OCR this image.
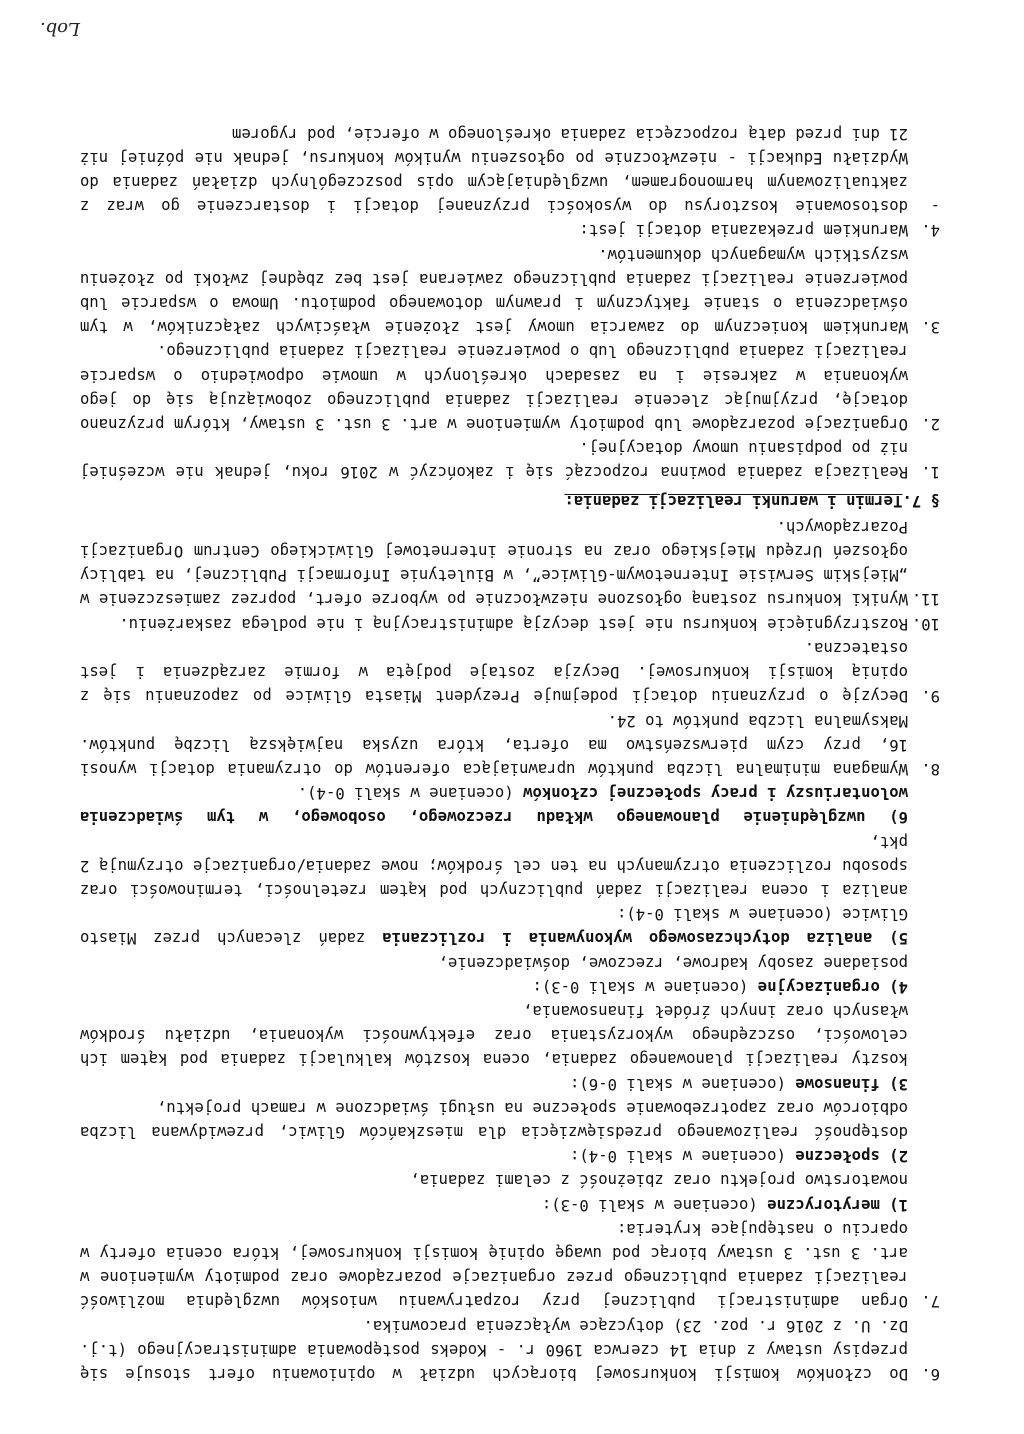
6.

Do członków komisji konkursowej biorących udział w opiniowaniu ofert stosuje się przepisy ustawy z dnia 14 czerwca 1960 r. - Kodeks postępowania administracyjnego (t.j. Dz. U. z 2016 r. poz. 23) dotyczące wyłączenia pracownika.

7.

Organ administracji publicznej przy rozpatrywaniu wniosków uwzględnia możliwość realizacji zadania publicznego przez organizacje pozarządowe oraz podmioty wymienione w art. 3 ust. 3 ustawy biorąc pod uwagę opinię komisji konkursowej, która ocenia oferty w oparciu o następujące kryteria:

1) merytoryczne (oceniane w skali 0-3):

nowatorstwo projektu oraz zbieżność z celami zadania,

2) społeczne (oceniane w skali 0-4):

dostępność realizowanego przedsięwzięcia dla mieszkańców Gliwic, przewidywana liczba odbiorców oraz zapotrzebowanie społeczne na usługi świadczone w ramach projektu,

3) finansowe (oceniane w skali 0-6):

koszty realizacji planowanego zadania, ocena kosztów kalkulacji zadania pod kątem ich celowości, oszczędnego wykorzystania oraz efektywności wykonania, udziału środków własnych oraz innych źródeł finansowania,

4) organizacyjne (oceniane w skali 0-3):

posiadane zasoby kadrowe, rzeczowe, doświadczenie,

5) analiza dotychczasowego wykonywania i rozliczania zadań zlecanych przez Miasto Gliwice (oceniane w skali 0-4):

analiza i ocena realizacji zadań publicznych pod kątem rzetelności, terminowości oraz sposobu rozliczenia otrzymanych na ten cel środków; nowe zadania/organizacje otrzymują 2 pkt,

6) uwzględnienie planowanego wkładu rzeczowego, osobowego, w tym świadczenia wolontariuszy i pracy społecznej członków (oceniane w skali 0-4).
8.

Wymagana minimalna liczba punktów uprawniająca oferentów do otrzymania dotacji wynosi 16, przy czym pierwszeństwo ma oferta, która uzyska największą liczbę punktów. Maksymalna liczba punktów to 24.

9.

Decyzję o przyznaniu dotacji podejmuje Prezydent Miasta Gliwice po zapoznaniu się z opinią komisji konkursowej. Decyzja zostaje podjęta w formie zarządzenia i jest ostateczna.

10.

Rozstrzygnięcie konkursu nie jest decyzją administracyjną i nie podlega zaskarżeniu.

11.

Wyniki konkursu zostaną ogłoszone niezwłocznie po wyborze ofert, poprzez zamieszczenie w „Miejskim Serwisie Internetowym-Gliwice”, w Biuletynie Informacji Publicznej, na tablicy ogłoszeń Urzędu Miejskiego oraz na stronie internetowej Gliwickiego Centrum Organizacji Pozarządowych.

§ 7.Termin i warunki realizacji zadania:
1.

Realizacja zadania powinna rozpocząć się i zakończyć w 2016 roku, jednak nie wcześniej niż po podpisaniu umowy dotacyjnej.

2.

Organizacje pozarządowe lub podmioty wymienione w art. 3 ust. 3 ustawy, którym przyznano dotację, przyjmując zlecenie realizacji zadania publicznego zobowiązują się do jego wykonania w zakresie i na zasadach określonych w umowie odpowiednio o wsparcie realizacji zadania publicznego lub o powierzenie realizacji zadania publicznego.

3.

Warunkiem koniecznym do zawarcia umowy jest złożenie właściwych załączników, w tym oświadczenia o stanie faktycznym i prawnym dotowanego podmiotu. Umowa o wsparcie lub powierzenie realizacji zadania publicznego zawierana jest bez zbędnej zwłoki po złożeniu wszystkich wymaganych dokumentów.

4.

Warunkiem przekazania dotacji jest:

-

dostosowanie kosztorysu do wysokości przyznanej dotacji i dostarczenie go wraz z zaktualizowanym harmonogramem, uwzględniającym opis poszczególnych działań zadania do Wydziału Edukacji - niezwłocznie po ogłoszeniu wyników konkursu, jednak nie później niż 21 dni przed datą rozpoczęcia zadania określonego w ofercie, pod rygorem

Lob.
